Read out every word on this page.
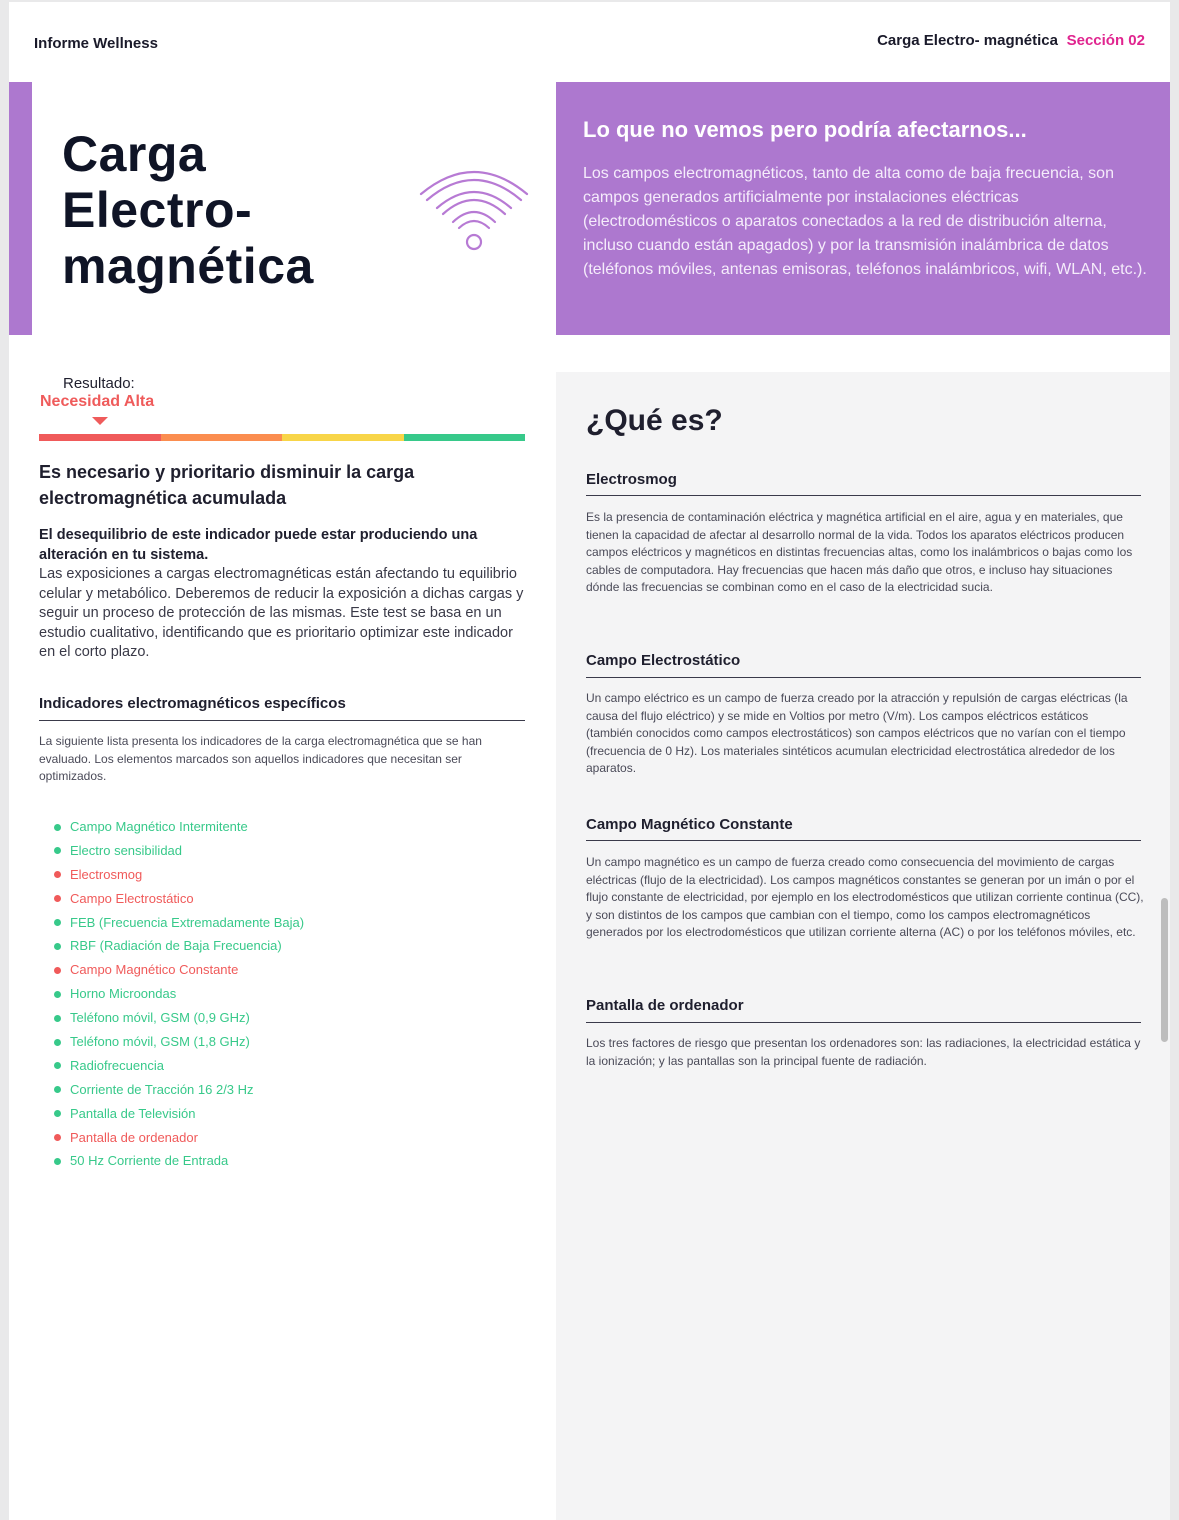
Informe Wellness	Carga Electro- magnética Sección 02
Carga Electro- magnética
Lo que no vemos pero podría afectarnos...

Los campos electromagnéticos, tanto de alta como de baja frecuencia, son campos generados artificialmente por instalaciones eléctricas (electrodomésticos o aparatos conectados a la red de distribución alterna, incluso cuando están apagados) y por la transmisión inalámbrica de datos (teléfonos móviles, antenas emisoras, teléfonos inalámbricos, wifi, WLAN, etc.).

Resultado:
Necesidad Alta
Es necesario y prioritario disminuir la carga electromagnética acumulada
El desequilibrio de este indicador puede estar produciendo una alteración en tu sistema.
Las exposiciones a cargas electromagnéticas están afectando tu equilibrio celular y metabólico. Deberemos de reducir la exposición a dichas cargas y seguir un proceso de protección de las mismas. Este test se basa en un estudio cualitativo, identificando que es prioritario optimizar este indicador en el corto plazo.
Indicadores electromagnéticos específicos
La siguiente lista presenta los indicadores de la carga electromagnética que se han evaluado. Los elementos marcados son aquellos indicadores que necesitan ser optimizados.
Campo Magnético Intermitente
Electro sensibilidad
Electrosmog
Campo Electrostático
FEB (Frecuencia Extremadamente Baja)
RBF (Radiación de Baja Frecuencia)
Campo Magnético Constante
Horno Microondas
Teléfono móvil, GSM (0,9 GHz)
Teléfono móvil, GSM (1,8 GHz)
Radiofrecuencia
Corriente de Tracción 16 2/3 Hz
Pantalla de Televisión
Pantalla de ordenador
50 Hz Corriente de Entrada
¿Qué es?
Electrosmog
Es la presencia de contaminación eléctrica y magnética artificial en el aire, agua y en materiales, que tienen la capacidad de afectar al desarrollo normal de la vida. Todos los aparatos eléctricos producen campos eléctricos y magnéticos en distintas frecuencias altas, como los inalámbricos o bajas como los cables de computadora. Hay frecuencias que hacen más daño que otros, e incluso hay situaciones dónde las frecuencias se combinan como en el caso de la electricidad sucia.
Campo Electrostático
Un campo eléctrico es un campo de fuerza creado por la atracción y repulsión de cargas eléctricas (la causa del flujo eléctrico) y se mide en Voltios por metro (V/m). Los campos eléctricos estáticos (también conocidos como campos electrostáticos) son campos eléctricos que no varían con el tiempo (frecuencia de 0 Hz). Los materiales sintéticos acumulan electricidad electrostática alrededor de los aparatos.
Campo Magnético Constante
Un campo magnético es un campo de fuerza creado como consecuencia del movimiento de cargas eléctricas (flujo de la electricidad). Los campos magnéticos constantes se generan por un imán o por el flujo constante de electricidad, por ejemplo en los electrodomésticos que utilizan corriente continua (CC), y son distintos de los campos que cambian con el tiempo, como los campos electromagnéticos generados por los electrodomésticos que utilizan corriente alterna (AC) o por los teléfonos móviles, etc.
Pantalla de ordenador
Los tres factores de riesgo que presentan los ordenadores son: las radiaciones, la electricidad estática y la ionización; y las pantallas son la principal fuente de radiación.
